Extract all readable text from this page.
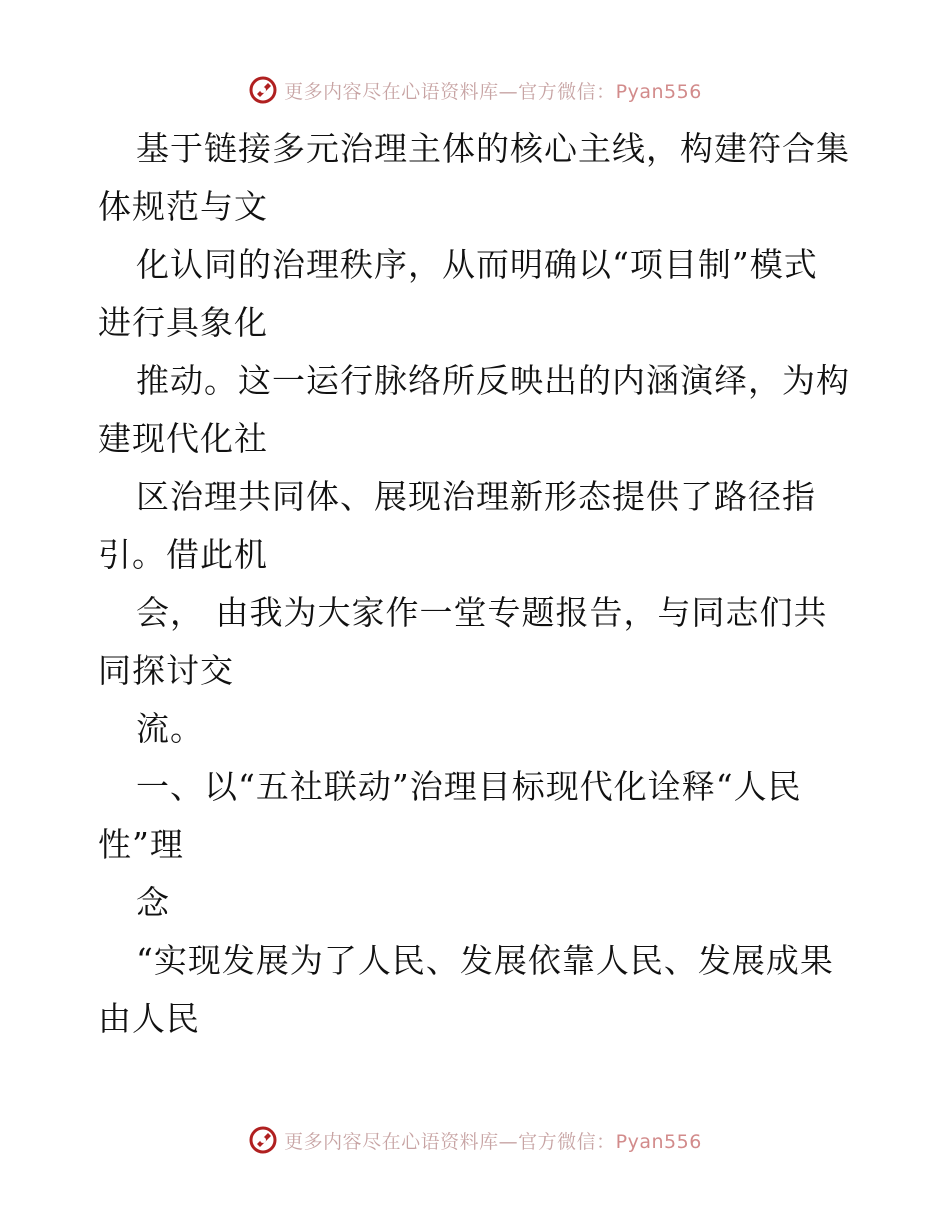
更多内容尽在心语资料库—官方微信：Pyan556
基于链接多元治理主体的核心主线，构建符合集
体规范与文
化认同的治理秩序，从而明确以“项目制”模式
进行具象化
推动。这一运行脉络所反映出的内涵演绎，为构
建现代化社
区治理共同体、展现治理新形态提供了路径指
引。借此机
会， 由我为大家作一堂专题报告，与同志们共
同探讨交
流。
一、以“五社联动”治理目标现代化诠释“人民
性”理
念
“实现发展为了人民、发展依靠人民、发展成果
由人民
更多内容尽在心语资料库—官方微信：Pyan556
